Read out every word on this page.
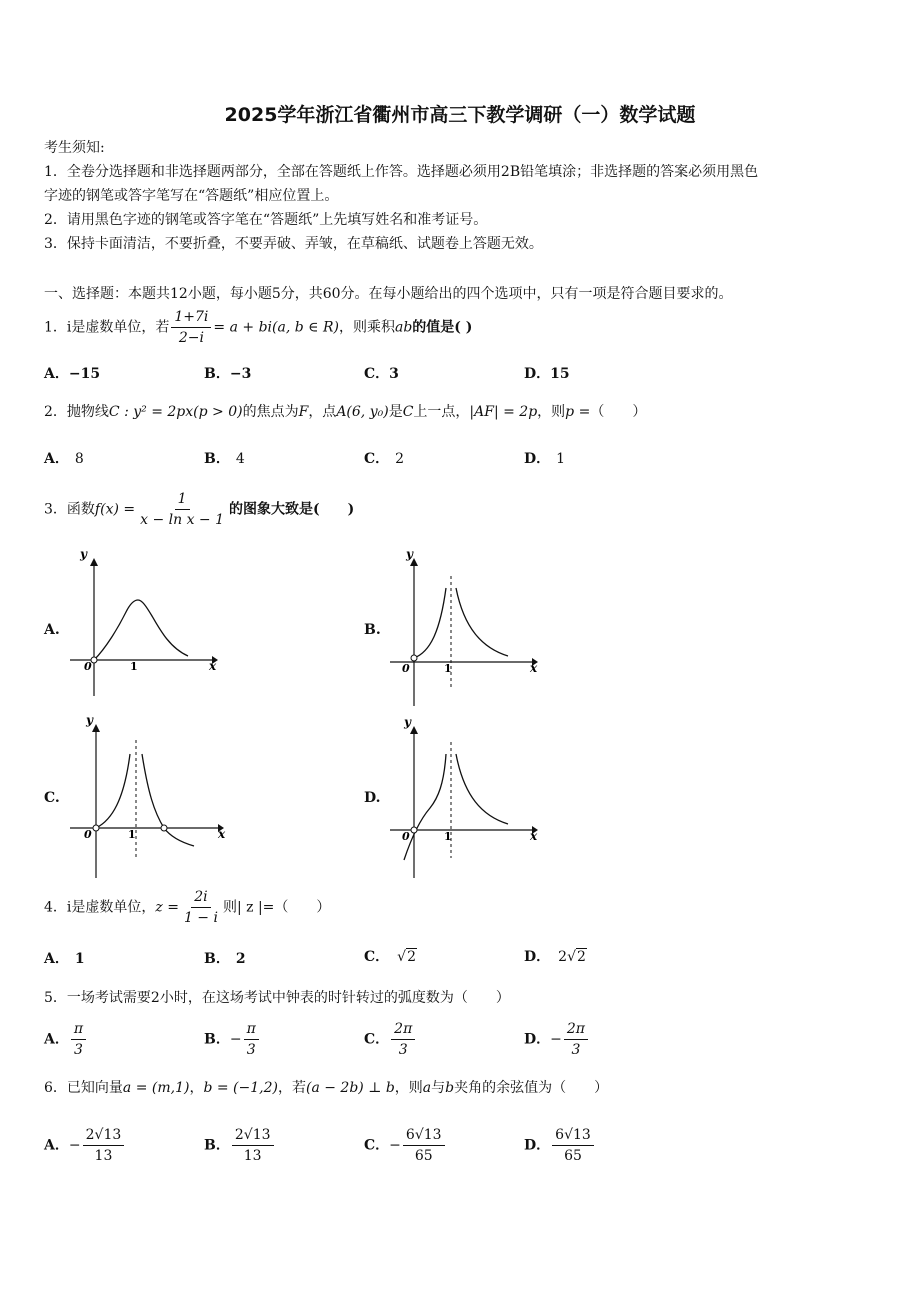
2025学年浙江省衢州市高三下教学调研（一）数学试题
考生须知:
1．全卷分选择题和非选择题两部分，全部在答题纸上作答。选择题必须用2B铅笔填涂；非选择题的答案必须用黑色
字迹的钢笔或答字笔写在“答题纸”相应位置上。
2．请用黑色字迹的钢笔或答字笔在“答题纸”上先填写姓名和准考证号。
3．保持卡面清洁，不要折叠，不要弄破、弄皱，在草稿纸、试题卷上答题无效。
一、选择题：本题共12小题，每小题5分，共60分。在每小题给出的四个选项中，只有一项是符合题目要求的。
1．i是虚数单位，若 $\frac{1+7i}{2-i} = a + bi(a$, b ∈ R)，则乘积ab的值是( )
A．−15	B．−3	C．3	D．15
2．抛物线C : y² = 2px(p > 0)的焦点为F，点A(6, y₀)是C上一点，|AF| = 2p，则p =（　　）
A． 8	B． 4	C． 2	D． 1
3．函数$f(x) = \frac{1}{\text{x − ln x − 1}}$ 的图象大致是(　　)
A.	B.
C.	D.
y
x
0	1
y
x
0	1
y
x
0	1
y
x
0	1
4．i是虚数单位，$z = \frac{2i}{1 - i}$ 则| z |=（　　）
A． 1	B． 2	C． √2	D． 2√2
5．一场考试需要2小时，在这场考试中钟表的时针转过的弧度数为（　　）
A． $\frac{\pi}{3}$	B．− $\frac{\pi}{3}$	C． $\frac{2\pi}{3}$	D．− $\frac{2\pi}{3}$
6．已知向量a = (m,1)，b = (−1,2)，若(a − 2b) ⊥ b，则a与b夹角的余弦值为（　　）
A．− $\frac{2√13}{13}$	B． $\frac{2√13}{13}$	C．− $\frac{6√13}{65}$	D． $\frac{6√13}{65}$
